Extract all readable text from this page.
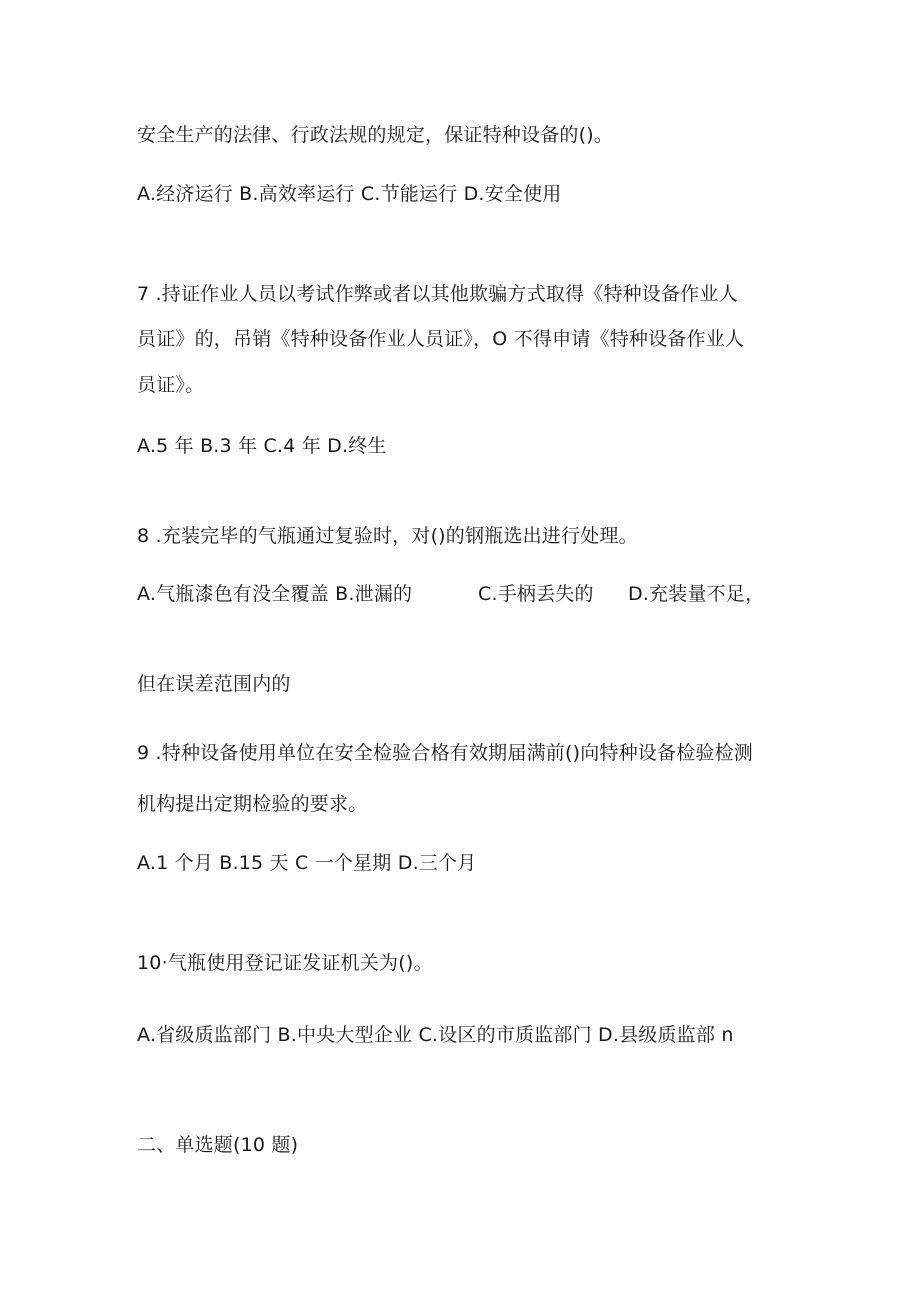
安全生产的法律、行政法规的规定，保证特种设备的()。
A.经济运行 B.高效率运行 C.节能运行 D.安全使用
7 .持证作业人员以考试作弊或者以其他欺骗方式取得《特种设备作业人
员证》的，吊销《特种设备作业人员证》，O 不得申请《特种设备作业人
员证》。
A.5 年 B.3 年 C.4 年 D.终生
8 .充装完毕的气瓶通过复验时，对()的钢瓶选出进行处理。
A.气瓶漆色有没全覆盖 B.泄漏的	C.手柄丢失的 D.充装量不足，
但在误差范围内的
9 .特种设备使用单位在安全检验合格有效期届满前()向特种设备检验检测
机构提出定期检验的要求。
A.1 个月 B.15 天 C 一个星期 D.三个月
10·气瓶使用登记证发证机关为()。
A.省级质监部门 B.中央大型企业 C.设区的市质监部门 D.县级质监部 n
二、单选题(10 题)
